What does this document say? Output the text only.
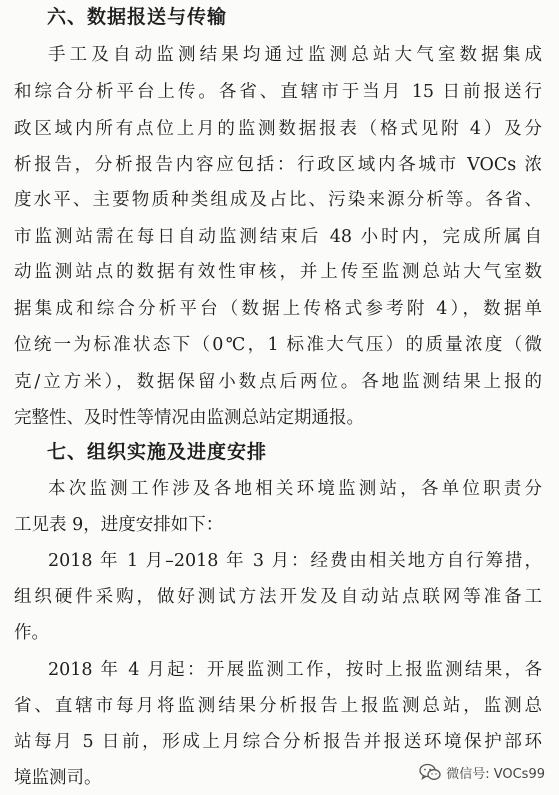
六、数据报送与传输
手工及自动监测结果均通过监测总站大气室数据集成
和综合分析平台上传。各省、直辖市于当月 15 日前报送行
政区域内所有点位上月的监测数据报表（格式见附 4）及分
析报告，分析报告内容应包括：行政区域内各城市 VOCs 浓
度水平、主要物质种类组成及占比、污染来源分析等。各省、
市监测站需在每日自动监测结束后 48 小时内，完成所属自
动监测站点的数据有效性审核，并上传至监测总站大气室数
据集成和综合分析平台（数据上传格式参考附 4），数据单
位统一为标准状态下（0℃，1 标准大气压）的质量浓度（微
克/立方米），数据保留小数点后两位。各地监测结果上报的
完整性、及时性等情况由监测总站定期通报。
七、组织实施及进度安排
本次监测工作涉及各地相关环境监测站，各单位职责分
工见表 9，进度安排如下：
2018 年 1 月–2018 年 3 月：经费由相关地方自行筹措，
组织硬件采购，做好测试方法开发及自动站点联网等准备工
作。
2018 年 4 月起：开展监测工作，按时上报监测结果，各
省、直辖市每月将监测结果分析报告上报监测总站，监测总
站每月 5 日前，形成上月综合分析报告并报送环境保护部环
境监测司。	微信号: VOCs99
